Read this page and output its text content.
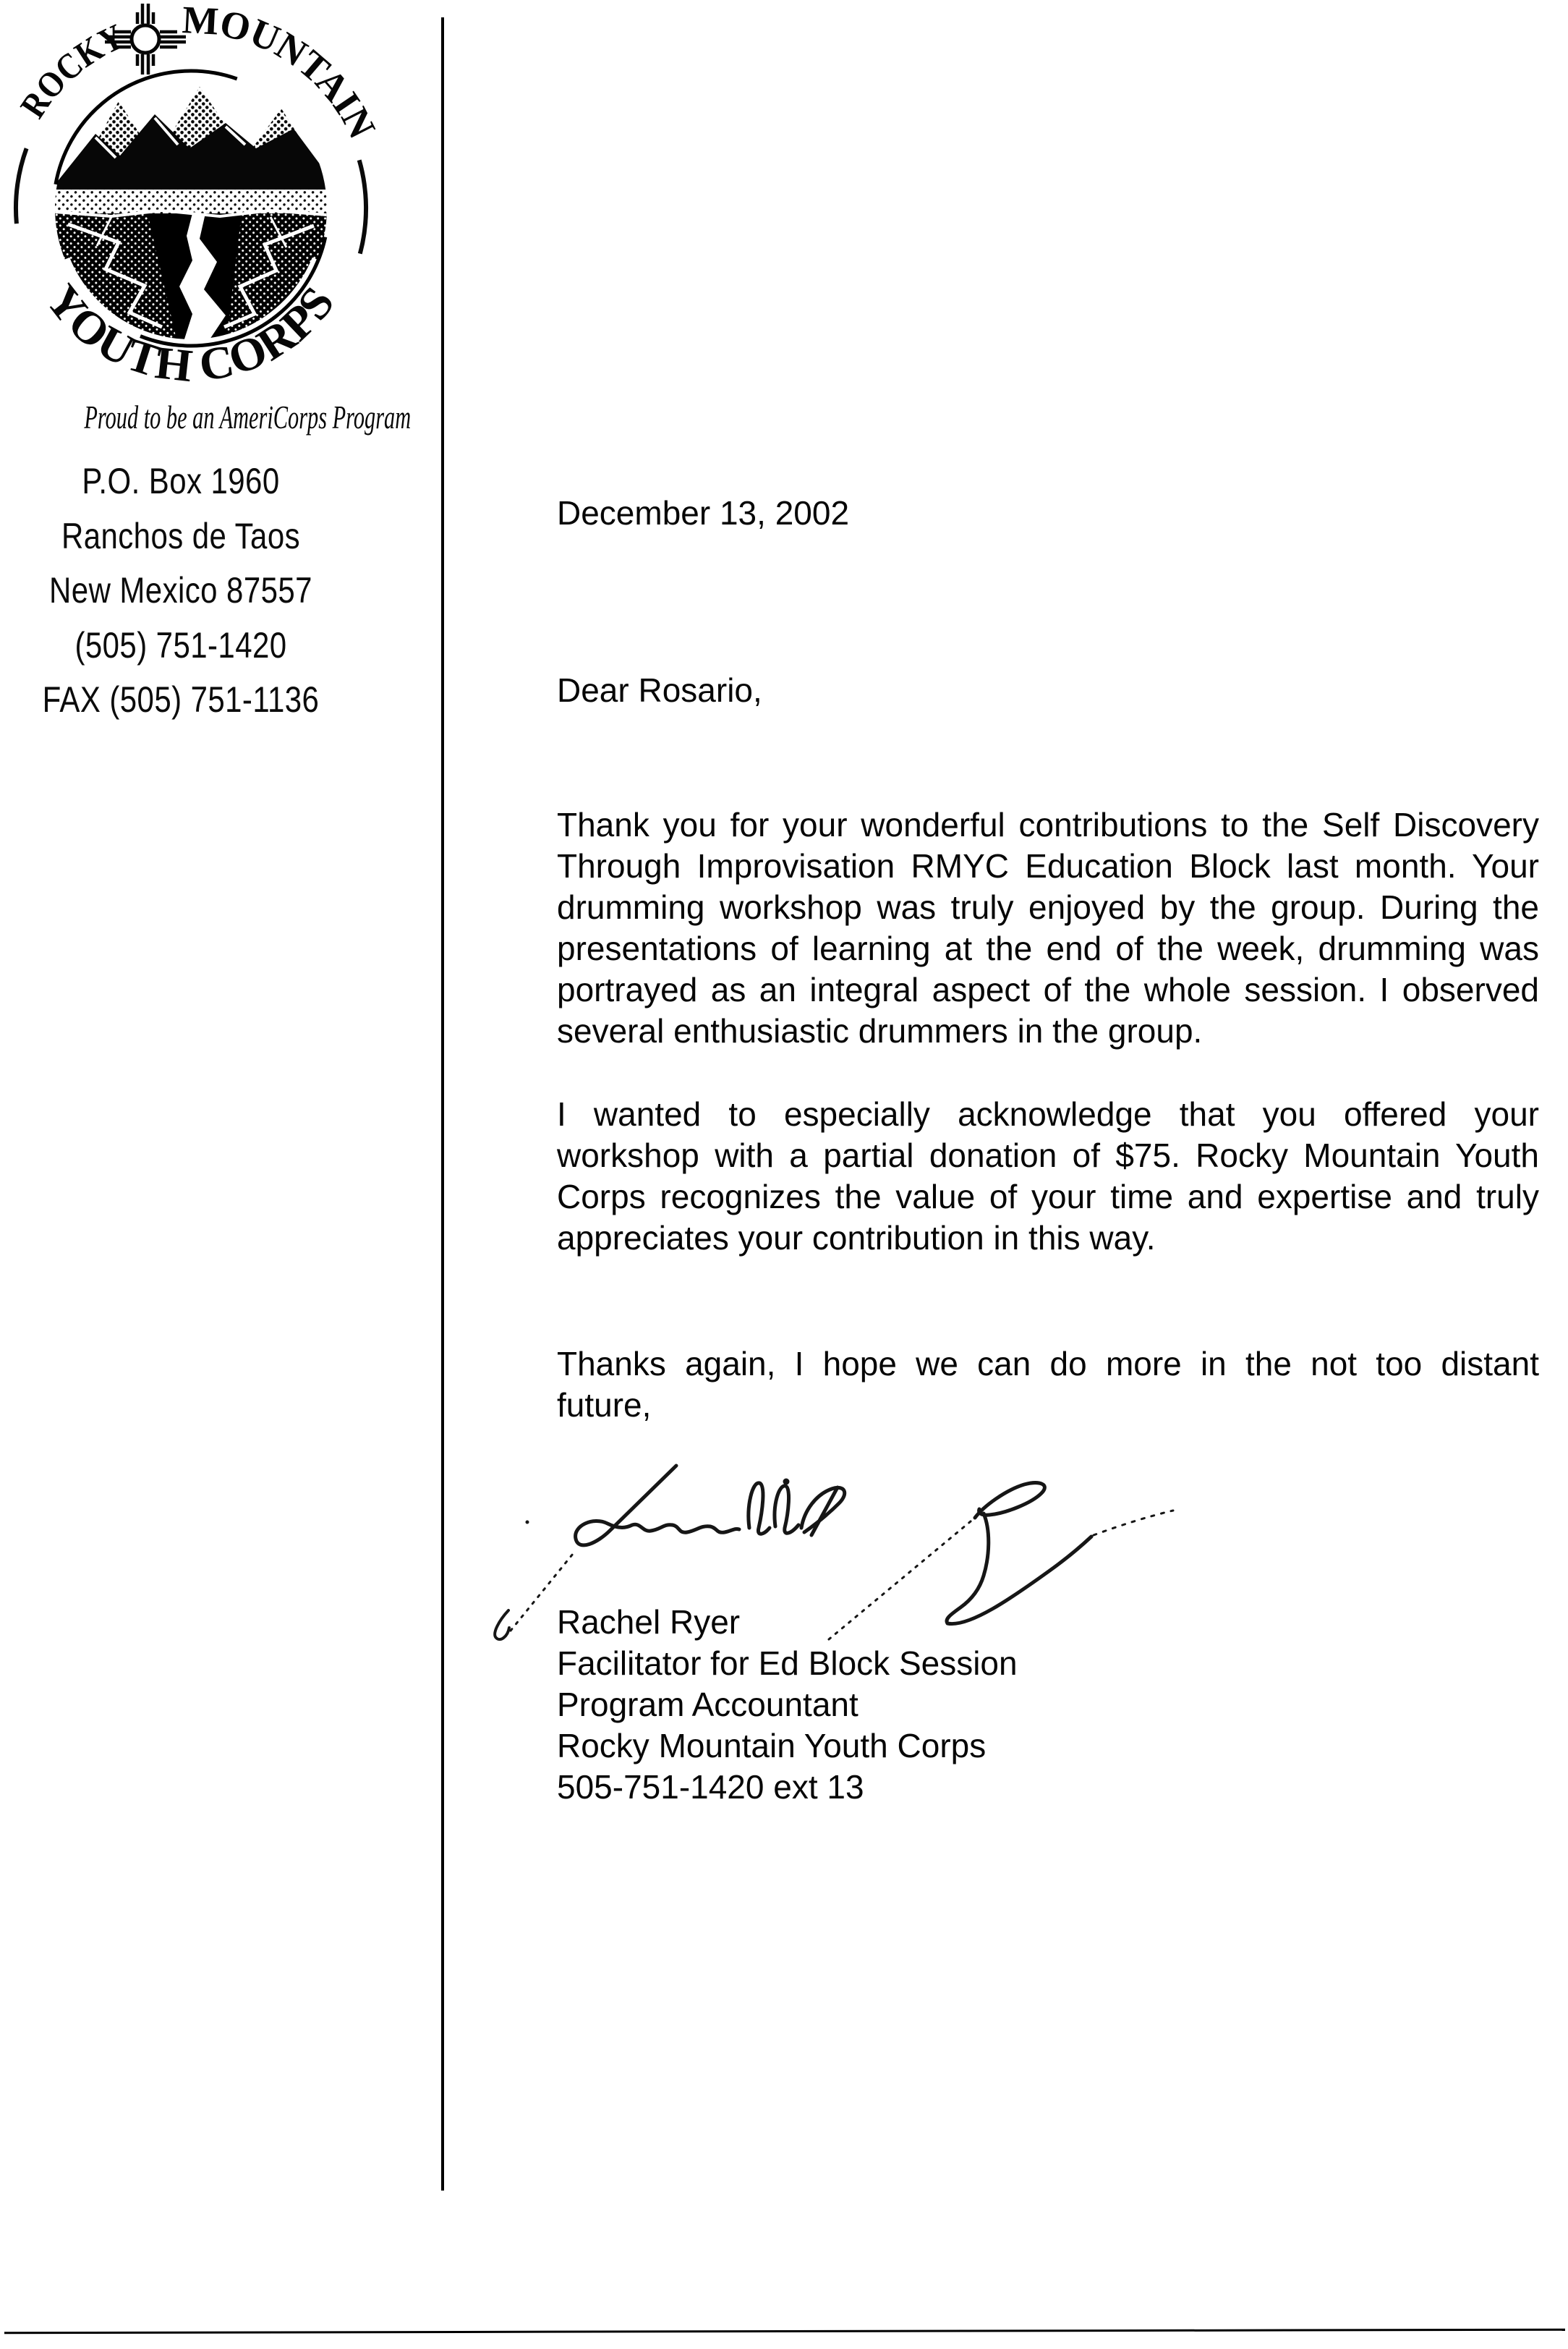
ROCKY MOUNTAIN
YOUTH CORPS
Proud to be an AmeriCorps Program
P.O. Box 1960
Ranchos de Taos
New Mexico 87557
(505) 751-1420
FAX (505) 751-1136
December 13, 2002
Dear Rosario,
Thank you for your wonderful contributions to the Self Discovery
Through Improvisation RMYC Education Block last month. Your
drumming workshop was truly enjoyed by the group. During the
presentations of learning at the end of the week, drumming was
portrayed as an integral aspect of the whole session. I observed
several enthusiastic drummers in the group.
I wanted to especially acknowledge that you offered your
workshop with a partial donation of $75. Rocky Mountain Youth
Corps recognizes the value of your time and expertise and truly
appreciates your contribution in this way.
Thanks again, I hope we can do more in the not too distant
future,
Rachel Ryer
Facilitator for Ed Block Session
Program Accountant
Rocky Mountain Youth Corps
505-751-1420 ext 13
